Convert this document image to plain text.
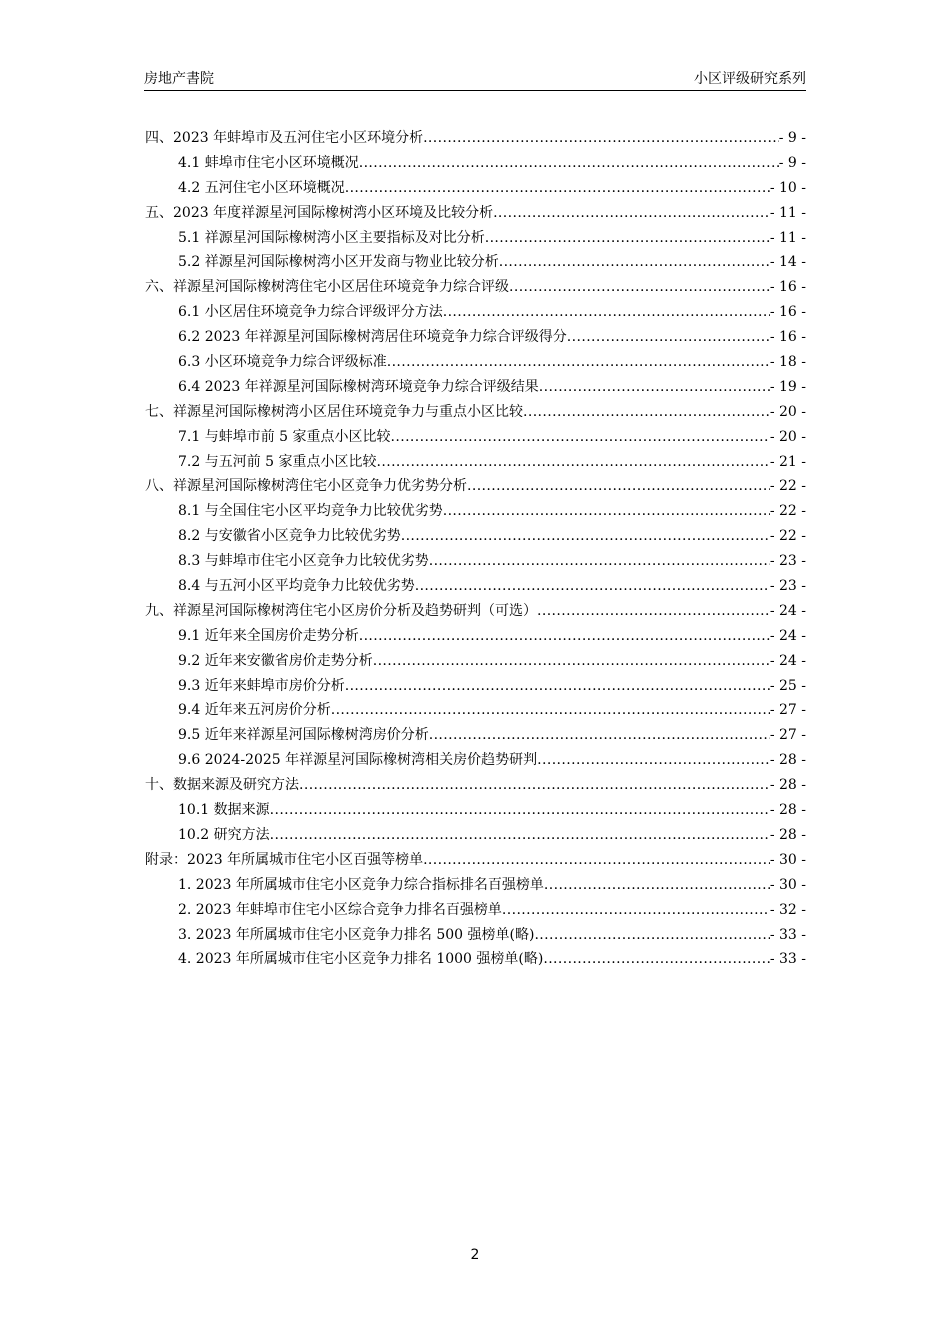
房地产書院	小区评级研究系列
四、2023 年蚌埠市及五河住宅小区环境分析 .....	- 9 -
4.1 蚌埠市住宅小区环境概况 .....	- 9 -
4.2 五河住宅小区环境概况 .....	- 10 -
五、2023 年度祥源星河国际橡树湾小区环境及比较分析 .....	- 11 -
5.1 祥源星河国际橡树湾小区主要指标及对比分析 .....	- 11 -
5.2 祥源星河国际橡树湾小区开发商与物业比较分析 .....	- 14 -
六、祥源星河国际橡树湾住宅小区居住环境竞争力综合评级 .....	- 16 -
6.1 小区居住环境竞争力综合评级评分方法 .....	- 16 -
6.2 2023 年祥源星河国际橡树湾居住环境竞争力综合评级得分 .....	- 16 -
6.3 小区环境竞争力综合评级标准 .....	- 18 -
6.4 2023 年祥源星河国际橡树湾环境竞争力综合评级结果 .....	- 19 -
七、祥源星河国际橡树湾小区居住环境竞争力与重点小区比较 .....	- 20 -
7.1 与蚌埠市前 5 家重点小区比较 .....	- 20 -
7.2 与五河前 5 家重点小区比较 .....	- 21 -
八、祥源星河国际橡树湾住宅小区竞争力优劣势分析 .....	- 22 -
8.1 与全国住宅小区平均竞争力比较优劣势 .....	- 22 -
8.2 与安徽省小区竞争力比较优劣势 .....	- 22 -
8.3 与蚌埠市住宅小区竞争力比较优劣势 .....	- 23 -
8.4 与五河小区平均竞争力比较优劣势 .....	- 23 -
九、祥源星河国际橡树湾住宅小区房价分析及趋势研判（可选） .....	- 24 -
9.1 近年来全国房价走势分析 .....	- 24 -
9.2 近年来安徽省房价走势分析 .....	- 24 -
9.3 近年来蚌埠市房价分析 .....	- 25 -
9.4 近年来五河房价分析 .....	- 27 -
9.5 近年来祥源星河国际橡树湾房价分析 .....	- 27 -
9.6 2024-2025 年祥源星河国际橡树湾相关房价趋势研判 .....	- 28 -
十、数据来源及研究方法 .....	- 28 -
10.1 数据来源 .....	- 28 -
10.2 研究方法 .....	- 28 -
附录：2023 年所属城市住宅小区百强等榜单 .....	- 30 -
1. 2023 年所属城市住宅小区竞争力综合指标排名百强榜单 .....	- 30 -
2. 2023 年蚌埠市住宅小区综合竞争力排名百强榜单 .....	- 32 -
3. 2023 年所属城市住宅小区竞争力排名 500 强榜单(略) .....	- 33 -
4. 2023 年所属城市住宅小区竞争力排名 1000 强榜单(略) .....	- 33 -
2
